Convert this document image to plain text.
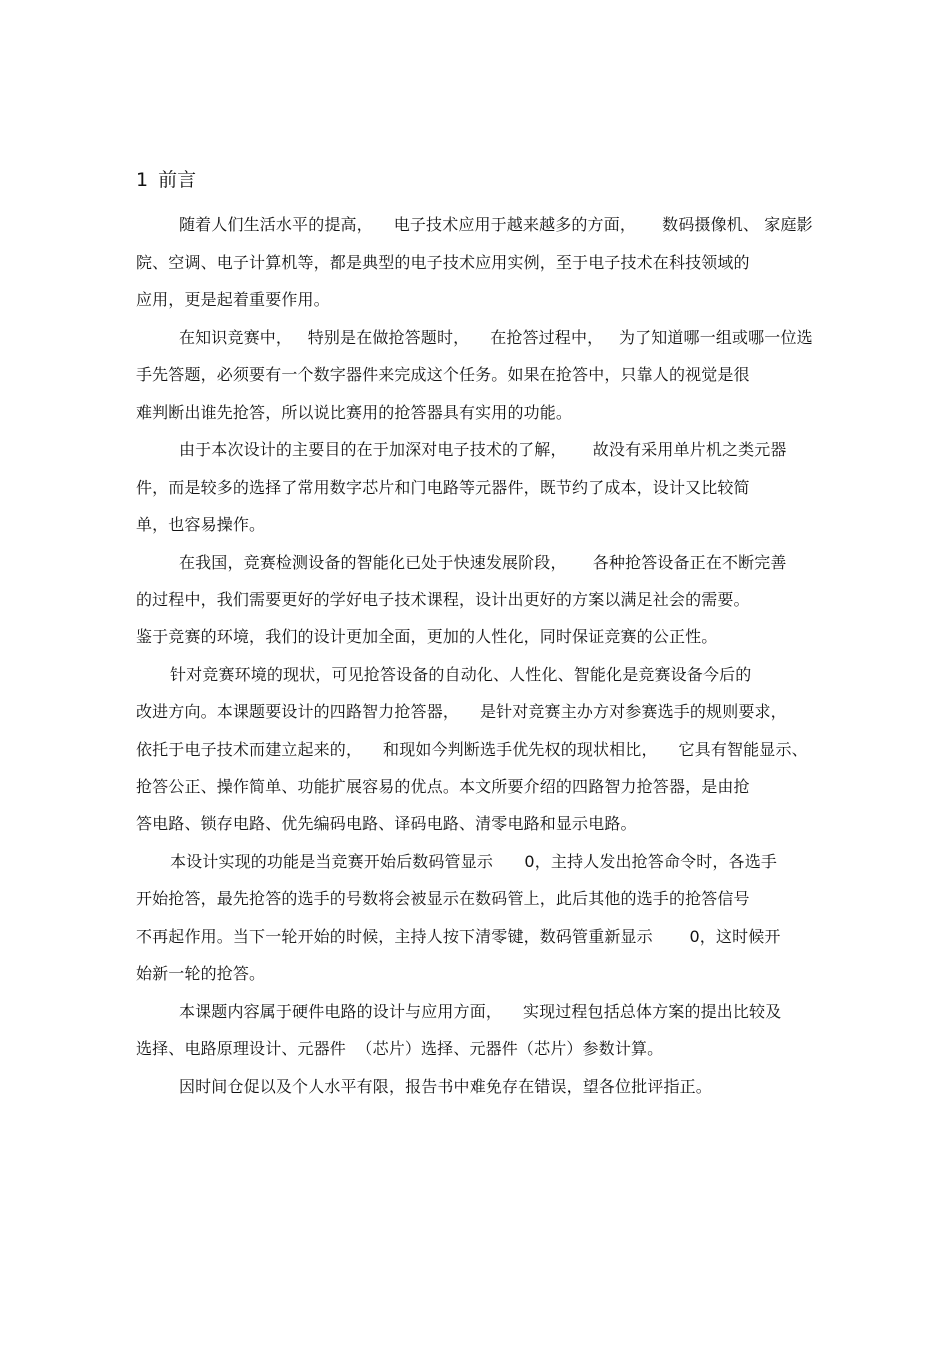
1 前言
随着人们生活水平的提高，    电子技术应用于越来越多的方面，     数码摄像机、 家庭影
院、空调、电子计算机等，都是典型的电子技术应用实例，至于电子技术在科技领域的
应用，更是起着重要作用。
在知识竞赛中，   特别是在做抢答题时，    在抢答过程中，   为了知道哪一组或哪一位选
手先答题，必须要有一个数字器件来完成这个任务。如果在抢答中，只靠人的视觉是很
难判断出谁先抢答，所以说比赛用的抢答器具有实用的功能。
由于本次设计的主要目的在于加深对电子技术的了解，     故没有采用单片机之类元器
件，而是较多的选择了常用数字芯片和门电路等元器件，既节约了成本，设计又比较简
单，也容易操作。
在我国，竞赛检测设备的智能化已处于快速发展阶段，     各种抢答设备正在不断完善
的过程中，我们需要更好的学好电子技术课程，设计出更好的方案以满足社会的需要。
鉴于竞赛的环境，我们的设计更加全面，更加的人性化，同时保证竞赛的公正性。
针对竞赛环境的现状，可见抢答设备的自动化、人性化、智能化是竞赛设备今后的
改进方向。本课题要设计的四路智力抢答器，    是针对竞赛主办方对参赛选手的规则要求，
依托于电子技术而建立起来的，    和现如今判断选手优先权的现状相比，    它具有智能显示、
抢答公正、操作简单、功能扩展容易的优点。本文所要介绍的四路智力抢答器，是由抢
答电路、锁存电路、优先编码电路、译码电路、清零电路和显示电路。
本设计实现的功能是当竞赛开始后数码管显示      0，主持人发出抢答命令时，各选手
开始抢答，最先抢答的选手的号数将会被显示在数码管上，此后其他的选手的抢答信号
不再起作用。当下一轮开始的时候，主持人按下清零键，数码管重新显示       0，这时候开
始新一轮的抢答。
本课题内容属于硬件电路的设计与应用方面，    实现过程包括总体方案的提出比较及
选择、电路原理设计、元器件  （芯片）选择、元器件（芯片）参数计算。
因时间仓促以及个人水平有限，报告书中难免存在错误，望各位批评指正。
